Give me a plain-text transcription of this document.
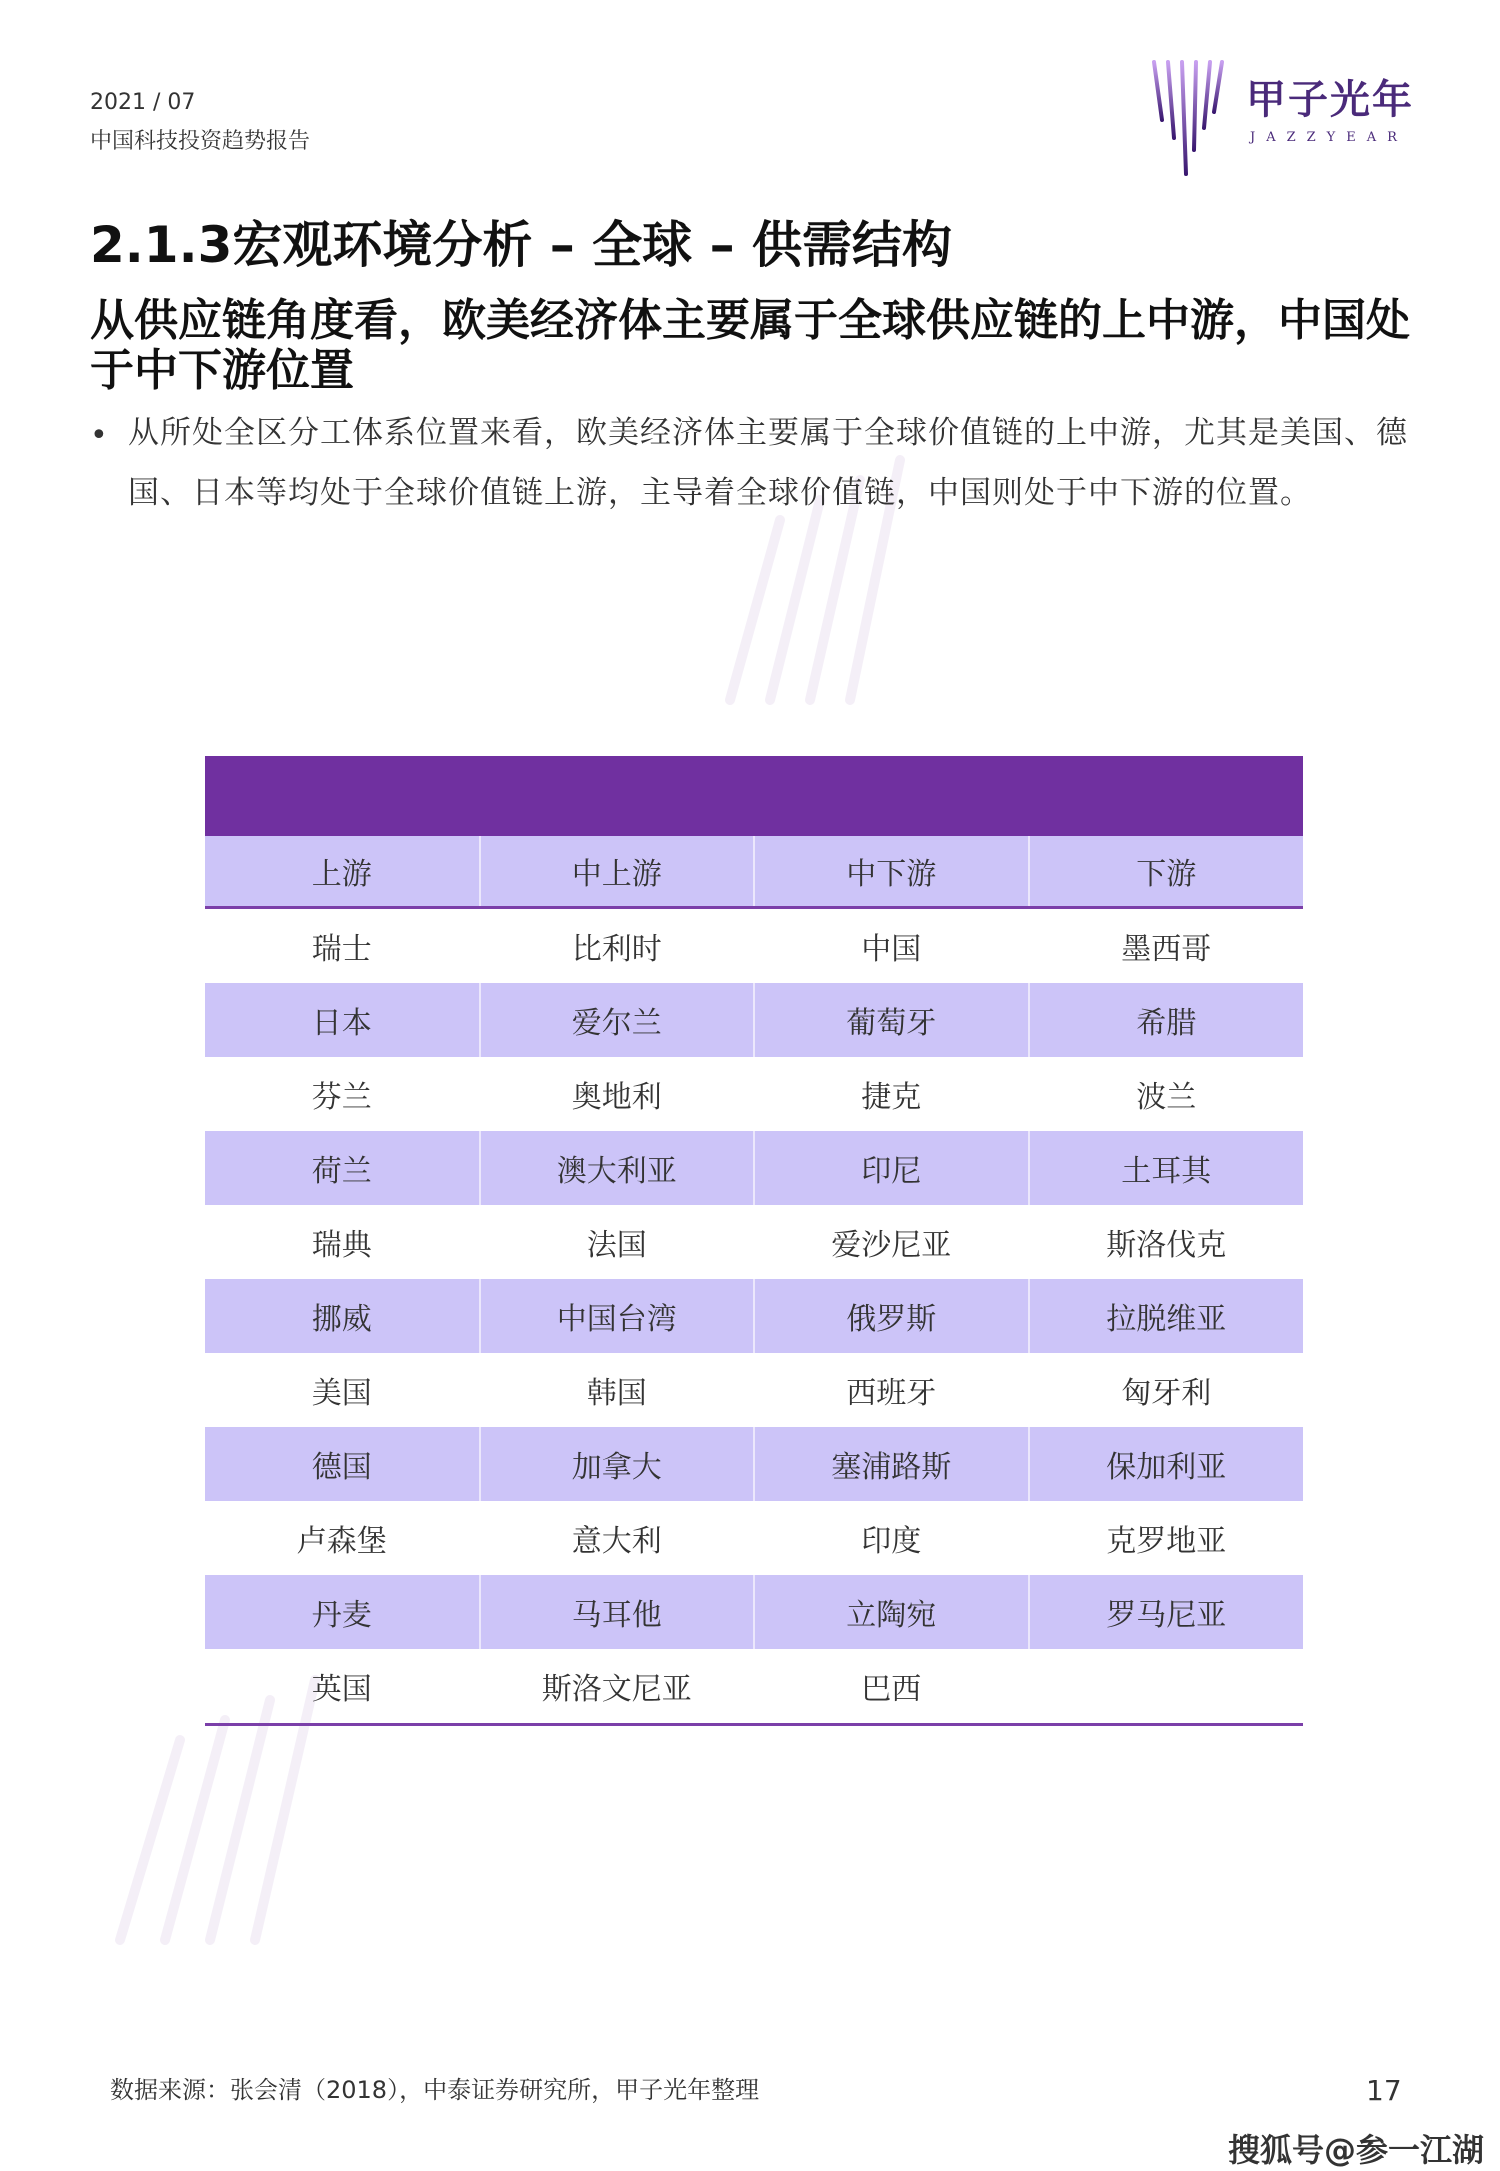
2021 / 07
中国科技投资趋势报告
甲子光年
JAZZYEAR
2.1.3宏观环境分析 – 全球 – 供需结构
从供应链角度看，欧美经济体主要属于全球供应链的上中游，中国处于中下游位置
• 从所处全区分工体系位置来看，欧美经济体主要属于全球价值链的上中游，尤其是美国、德国、日本等均处于全球价值链上游，主导着全球价值链，中国则处于中下游的位置。

上游	中上游	中下游	下游
瑞士	比利时	中国	墨西哥
日本	爱尔兰	葡萄牙	希腊
芬兰	奥地利	捷克	波兰
荷兰	澳大利亚	印尼	土耳其
瑞典	法国	爱沙尼亚	斯洛伐克
挪威	中国台湾	俄罗斯	拉脱维亚
美国	韩国	西班牙	匈牙利
德国	加拿大	塞浦路斯	保加利亚
卢森堡	意大利	印度	克罗地亚
丹麦	马耳他	立陶宛	罗马尼亚
英国	斯洛文尼亚	巴西	
数据来源：张会清（2018），中泰证券研究所，甲子光年整理	17
搜狐号@参一江湖
